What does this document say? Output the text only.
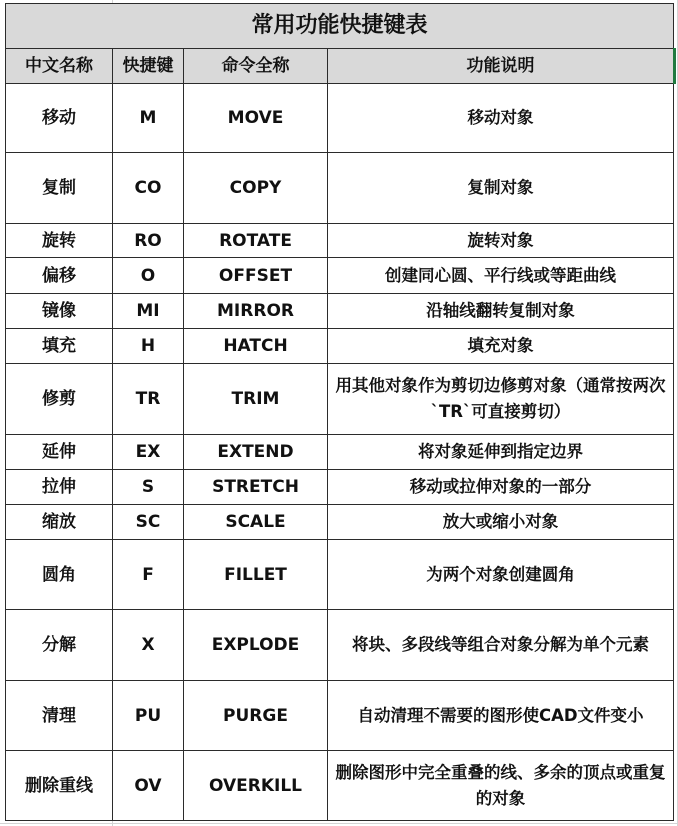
常用功能快捷键表			
中文名称	快捷键	命令全称	功能说明
移动	M	MOVE	移动对象
复制	CO	COPY	复制对象
旋转	RO	ROTATE	旋转对象
偏移	O	OFFSET	创建同心圆、平行线或等距曲线
镜像	MI	MIRROR	沿轴线翻转复制对象
填充	H	HATCH	填充对象
修剪	TR	TRIM	用其他对象作为剪切边修剪对象（通常按两次`TR`可直接剪切）
延伸	EX	EXTEND	将对象延伸到指定边界
拉伸	S	STRETCH	移动或拉伸对象的一部分
缩放	SC	SCALE	放大或缩小对象
圆角	F	FILLET	为两个对象创建圆角
分解	X	EXPLODE	将块、多段线等组合对象分解为单个元素
清理	PU	PURGE	自动清理不需要的图形使CAD文件变小
删除重线	OV	OVERKILL	删除图形中完全重叠的线、多余的顶点或重复的对象
